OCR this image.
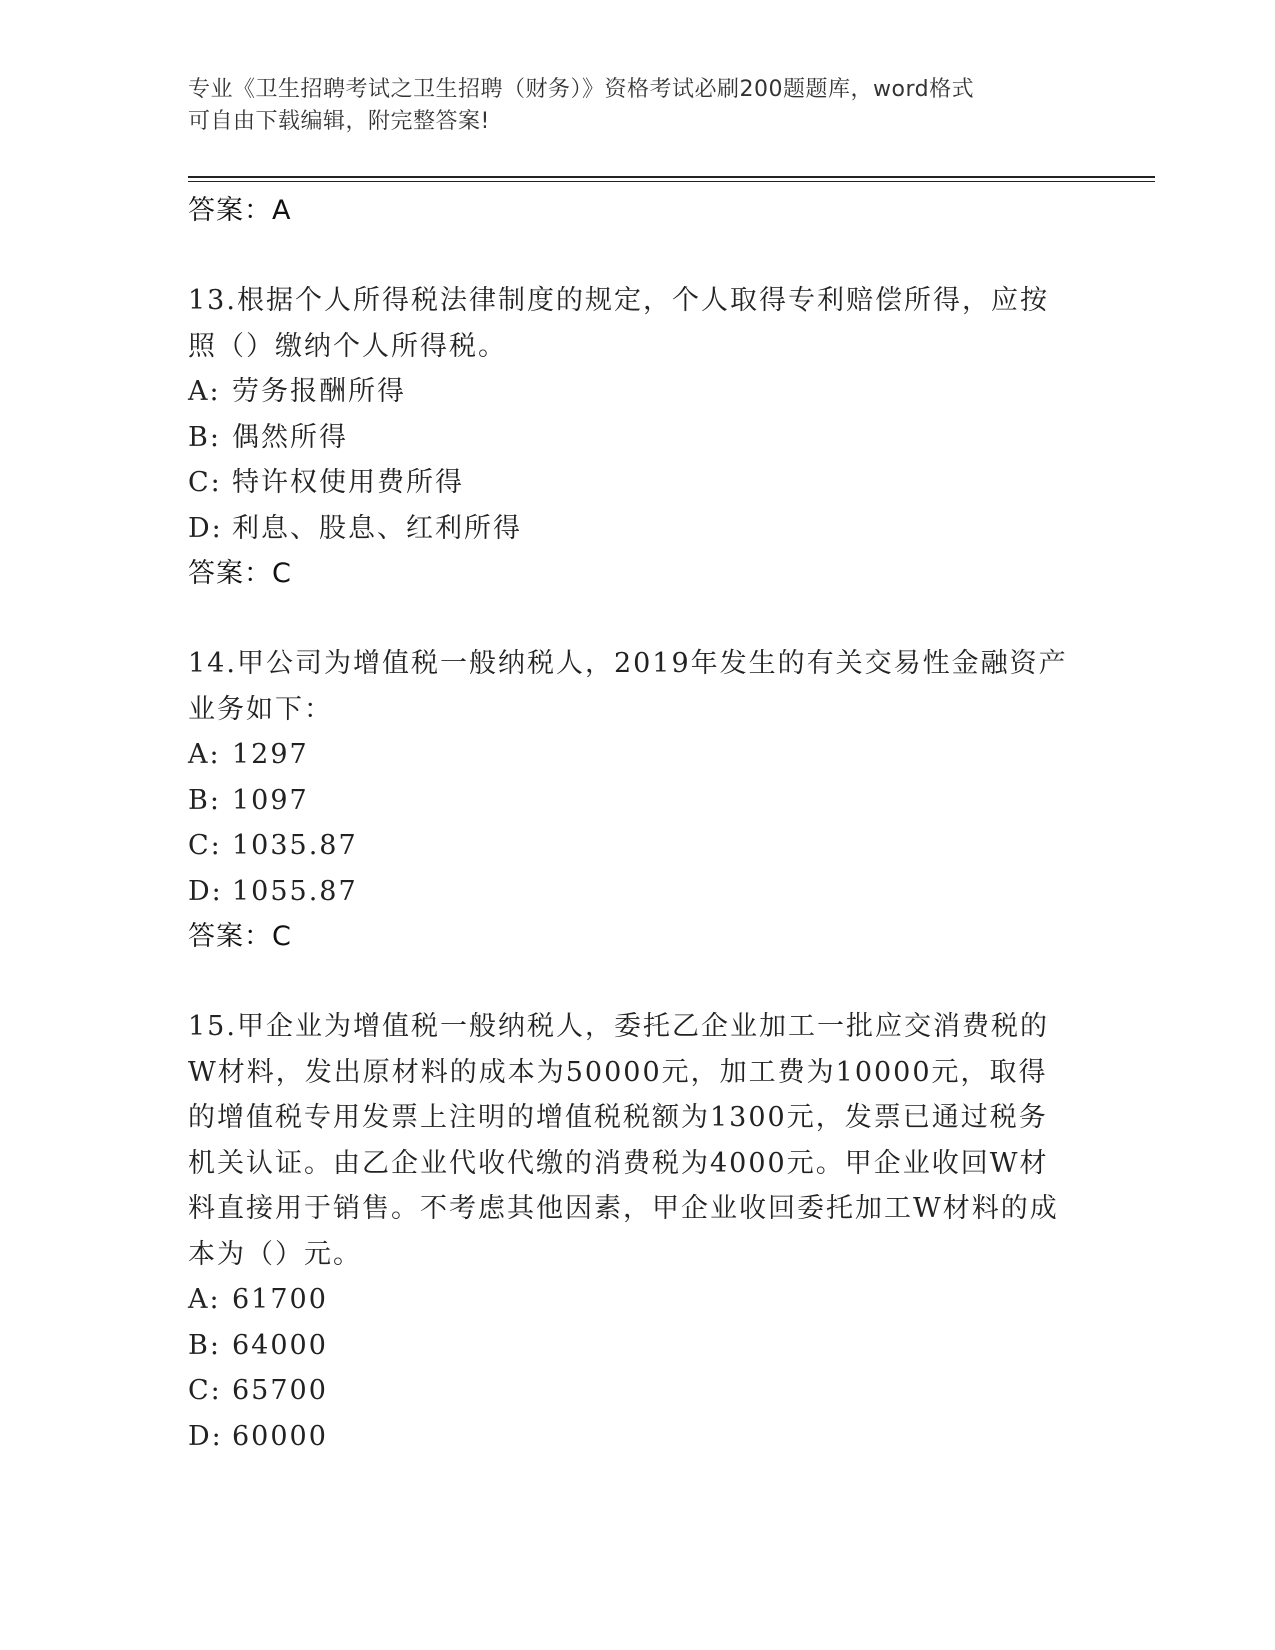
专业《卫生招聘考试之卫生招聘（财务）》资格考试必刷200题题库，word格式
可自由下载编辑，附完整答案!
答案：A
13.根据个人所得税法律制度的规定，个人取得专利赔偿所得，应按照（）缴纳个人所得税。
A: 劳务报酬所得
B: 偶然所得
C: 特许权使用费所得
D: 利息、股息、红利所得
答案：C
14.甲公司为增值税一般纳税人，2019年发生的有关交易性金融资产业务如下：
A: 1297
B: 1097
C: 1035.87
D: 1055.87
答案：C
15.甲企业为增值税一般纳税人，委托乙企业加工一批应交消费税的W材料，发出原材料的成本为50000元，加工费为10000元，取得的增值税专用发票上注明的增值税税额为1300元，发票已通过税务机关认证。由乙企业代收代缴的消费税为4000元。甲企业收回W材料直接用于销售。不考虑其他因素，甲企业收回委托加工W材料的成本为（）元。
A: 61700
B: 64000
C: 65700
D: 60000
